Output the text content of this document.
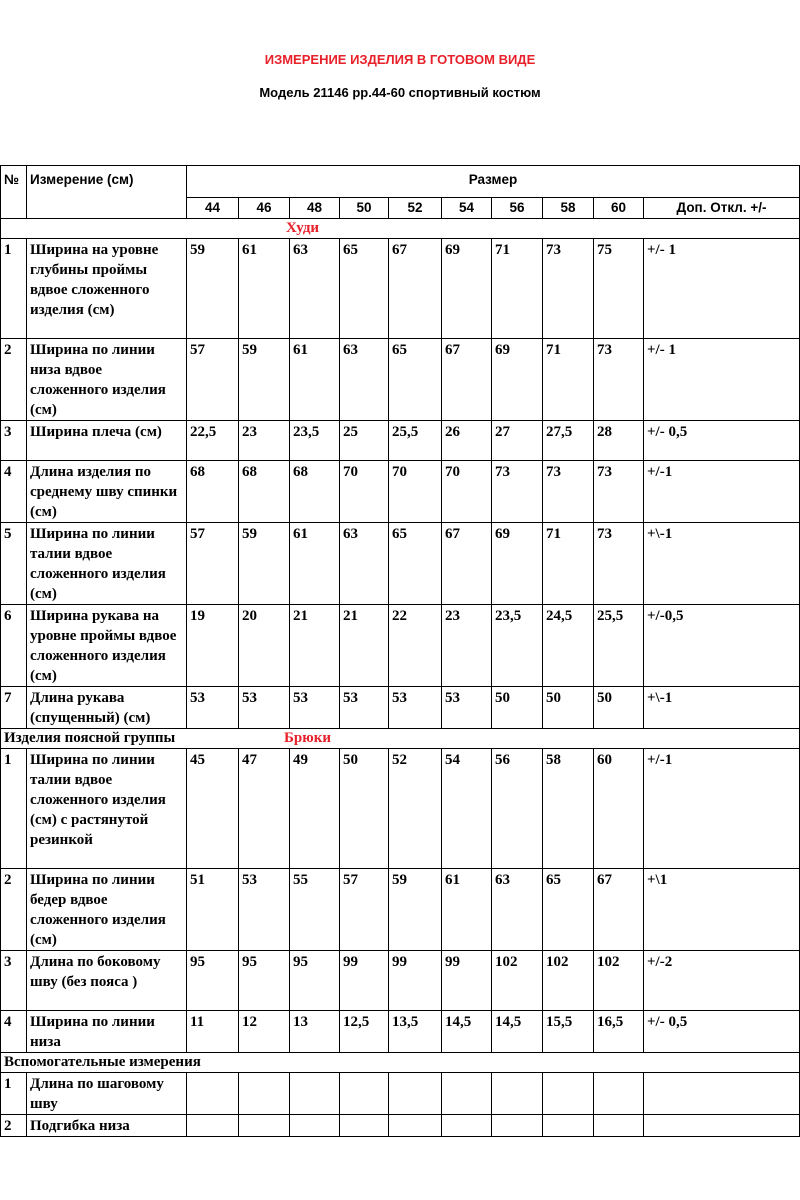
ИЗМЕРЕНИЕ ИЗДЕЛИЯ В ГОТОВОМ ВИДЕ
Модель 21146 рр.44-60 спортивный костюм
№	Измерение (см)	Размер									
		44	46	48	50	52	54	56	58	60	Доп. Откл. +/-
Худи											
1	Ширина на уровне глубины проймы вдвое сложенного изделия (см)	59	61	63	65	67	69	71	73	75	+/- 1
2	Ширина по линии низа вдвое сложенного изделия (см)	57	59	61	63	65	67	69	71	73	+/- 1
3	Ширина плеча (см)	22,5	23	23,5	25	25,5	26	27	27,5	28	+/- 0,5
4	Длина изделия по среднему шву спинки (см)	68	68	68	70	70	70	73	73	73	+/-1
5	Ширина по линии талии вдвое сложенного изделия (см)	57	59	61	63	65	67	69	71	73	+\-1
6	Ширина рукава на уровне проймы вдвое сложенного изделия (см)	19	20	21	21	22	23	23,5	24,5	25,5	+/-0,5
7	Длина рукава (спущенный) (см)	53	53	53	53	53	53	50	50	50	+\-1
Изделия поясной группы Брюки											
1	Ширина по линии талии вдвое сложенного изделия (см) с растянутой резинкой	45	47	49	50	52	54	56	58	60	+/-1
2	Ширина по линии бедер вдвое сложенного изделия (см)	51	53	55	57	59	61	63	65	67	+\1
3	Длина по боковому шву (без пояса )	95	95	95	99	99	99	102	102	102	+/-2
4	Ширина по линии низа	11	12	13	12,5	13,5	14,5	14,5	15,5	16,5	+/- 0,5
Вспомогательные измерения											
1	Длина по шаговому шву										
2	Подгибка низа										
